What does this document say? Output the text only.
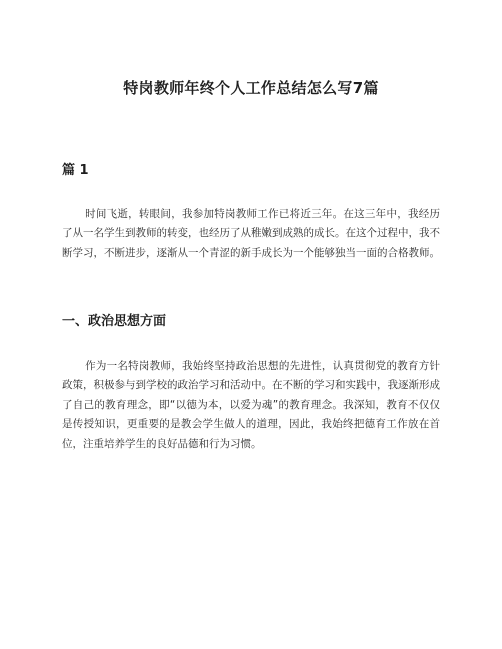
特岗教师年终个人工作总结怎么写7篇
篇 1

时间飞逝，转眼间，我参加特岗教师工作已将近三年。在这三年中，我经历了从一名学生到教师的转变，也经历了从稚嫩到成熟的成长。在这个过程中，我不断学习，不断进步，逐渐从一个青涩的新手成长为一个能够独当一面的合格教师。

一、政治思想方面

作为一名特岗教师，我始终坚持政治思想的先进性，认真贯彻党的教育方针政策，积极参与到学校的政治学习和活动中。在不断的学习和实践中，我逐渐形成了自己的教育理念，即“以德为本，以爱为魂”的教育理念。我深知，教育不仅仅是传授知识，更重要的是教会学生做人的道理，因此，我始终把德育工作放在首位，注重培养学生的良好品德和行为习惯。
